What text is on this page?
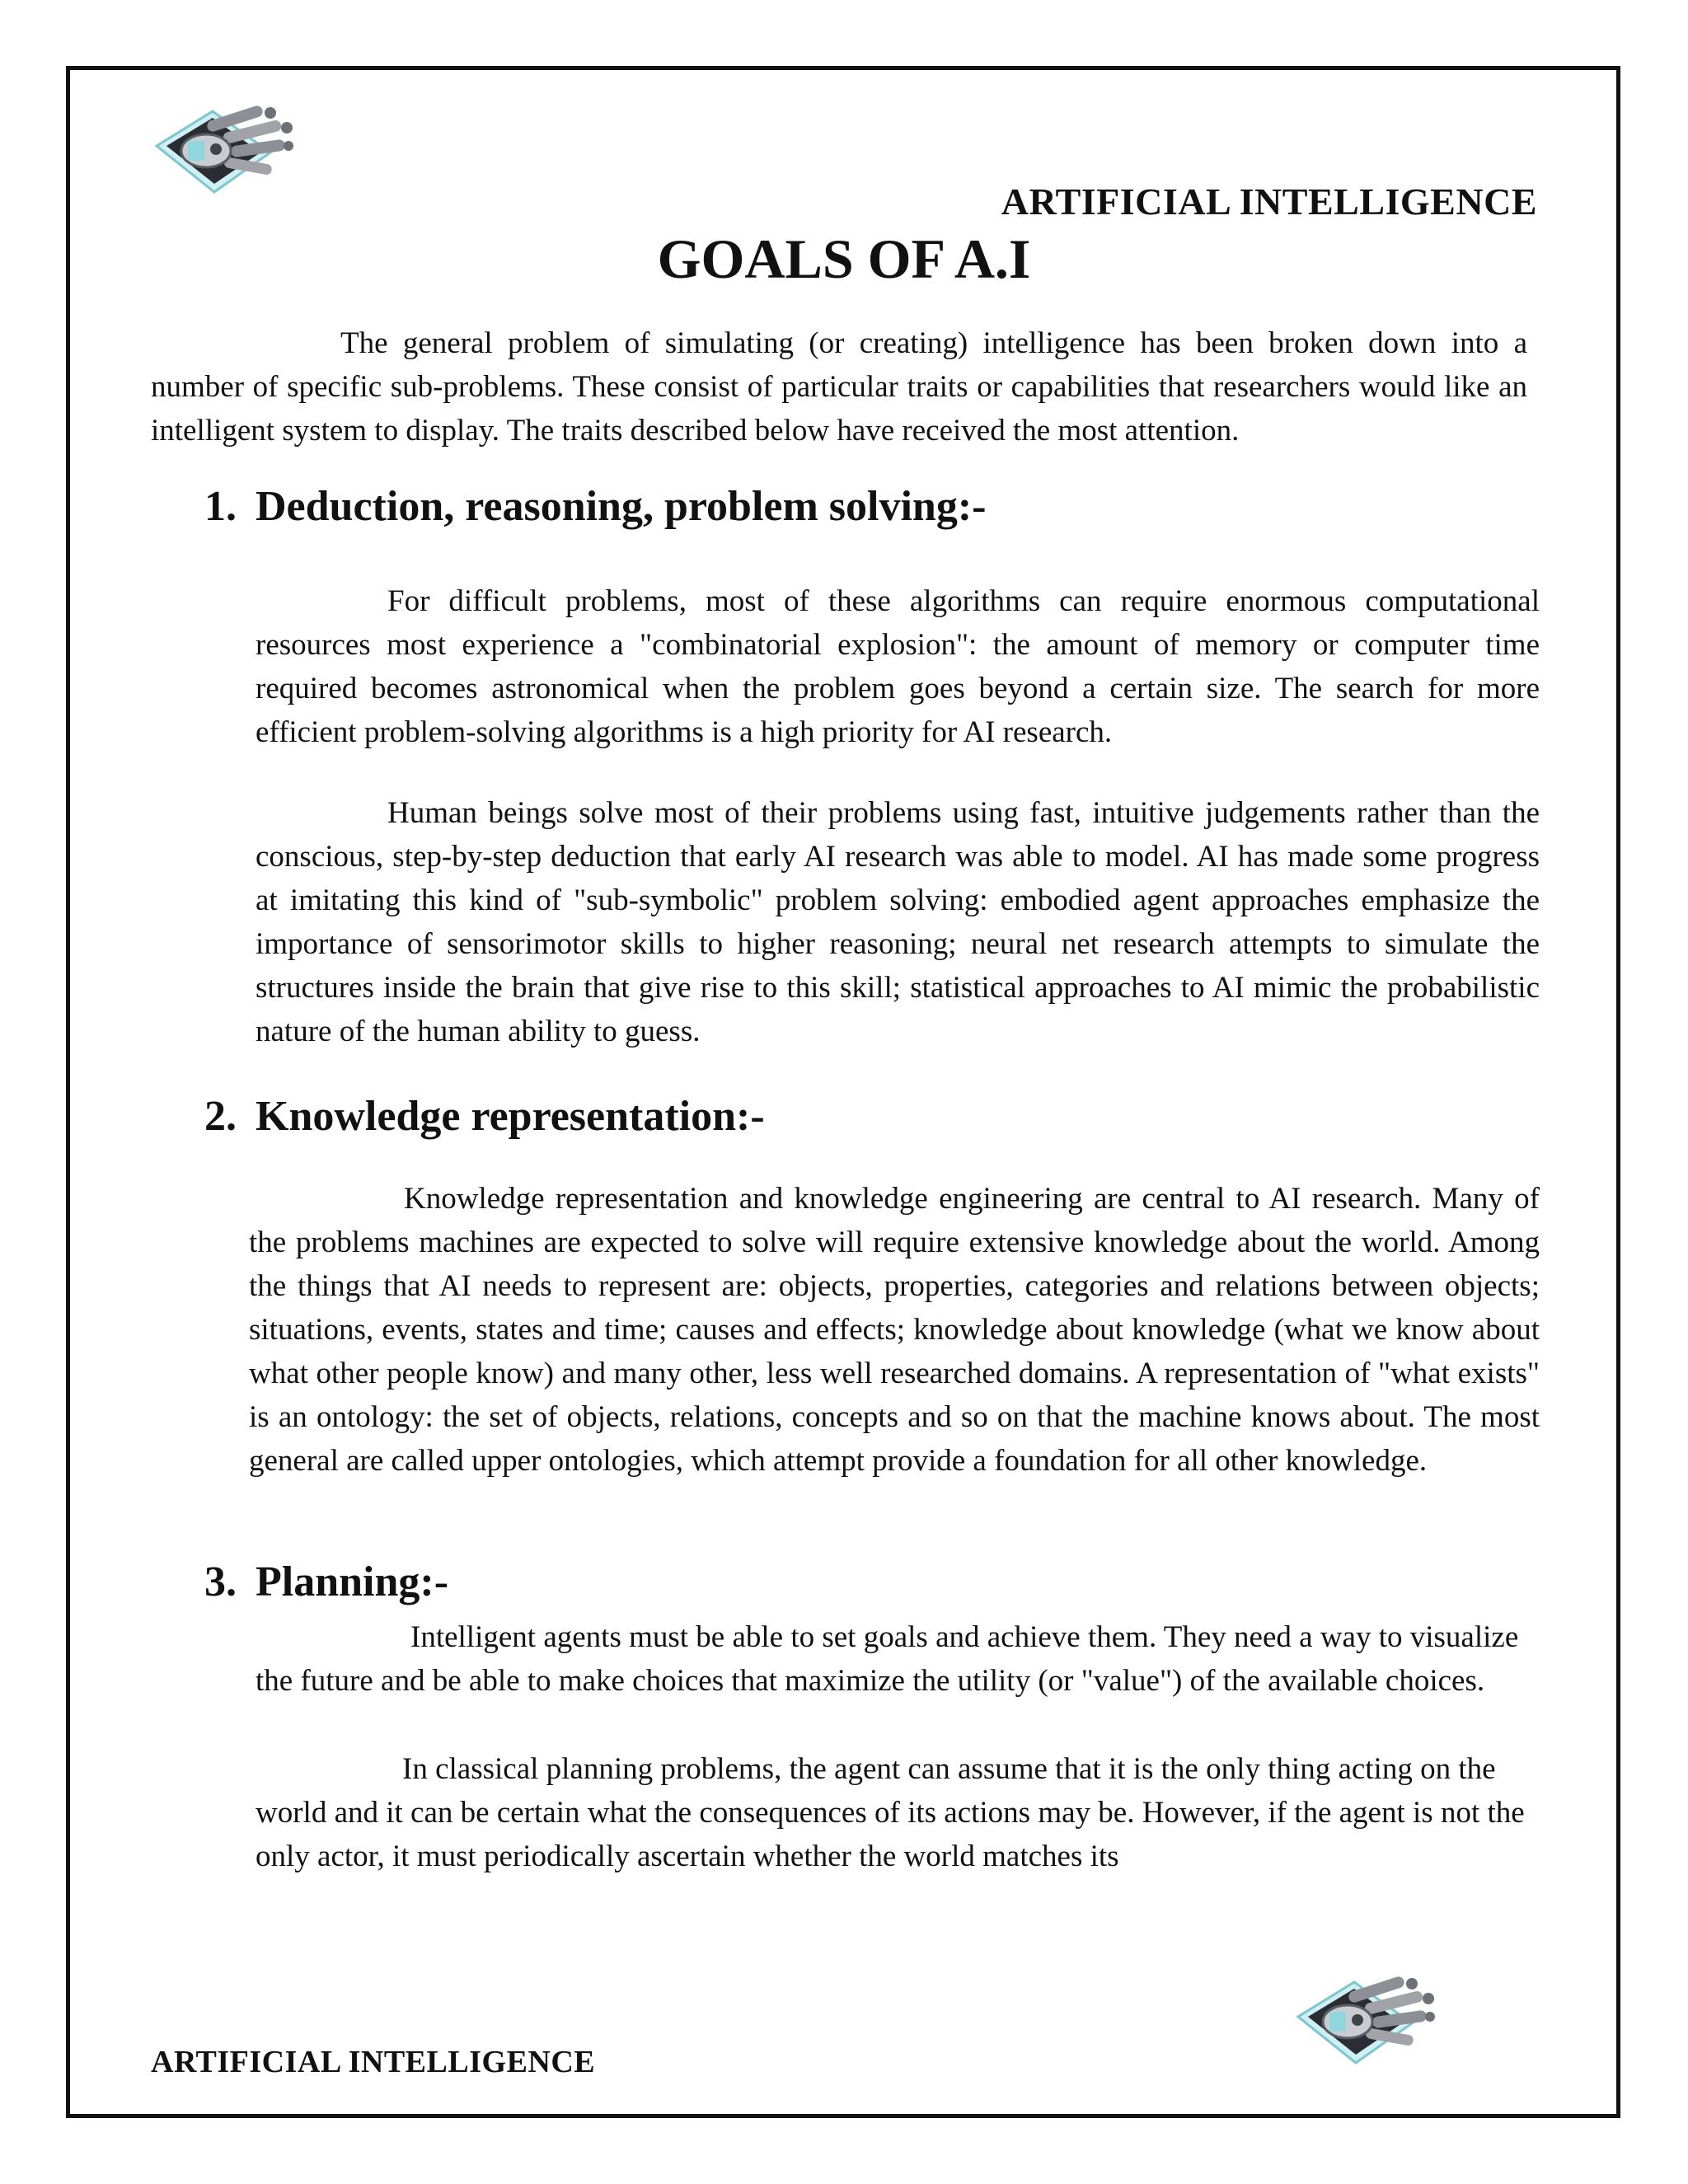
ARTIFICIAL INTELLIGENCE
GOALS OF A.I

The general problem of simulating (or creating) intelligence has been broken down into a number of specific sub-problems. These consist of particular traits or capabilities that researchers would like an intelligent system to display. The traits described below have received the most attention.

1. Deduction, reasoning, problem solving:-

For difficult problems, most of these algorithms can require enormous computational resources most experience a "combinatorial explosion": the amount of memory or computer time required becomes astronomical when the problem goes beyond a certain size. The search for more efficient problem-solving algorithms is a high priority for AI research.

Human beings solve most of their problems using fast, intuitive judgements rather than the conscious, step-by-step deduction that early AI research was able to model. AI has made some progress at imitating this kind of "sub-symbolic" problem solving: embodied agent approaches emphasize the importance of sensorimotor skills to higher reasoning; neural net research attempts to simulate the structures inside the brain that give rise to this skill; statistical approaches to AI mimic the probabilistic nature of the human ability to guess.

2. Knowledge representation:-

Knowledge representation and knowledge engineering are central to AI research. Many of the problems machines are expected to solve will require extensive knowledge about the world. Among the things that AI needs to represent are: objects, properties, categories and relations between objects; situations, events, states and time; causes and effects; knowledge about knowledge (what we know about what other people know) and many other, less well researched domains. A representation of "what exists" is an ontology: the set of objects, relations, concepts and so on that the machine knows about. The most general are called upper ontologies, which attempt provide a foundation for all other knowledge.

3. Planning:-

Intelligent agents must be able to set goals and achieve them. They need a way to visualize the future and be able to make choices that maximize the utility (or "value") of the available choices.

In classical planning problems, the agent can assume that it is the only thing acting on the world and it can be certain what the consequences of its actions may be. However, if the agent is not the only actor, it must periodically ascertain whether the world matches its

ARTIFICIAL INTELLIGENCE
